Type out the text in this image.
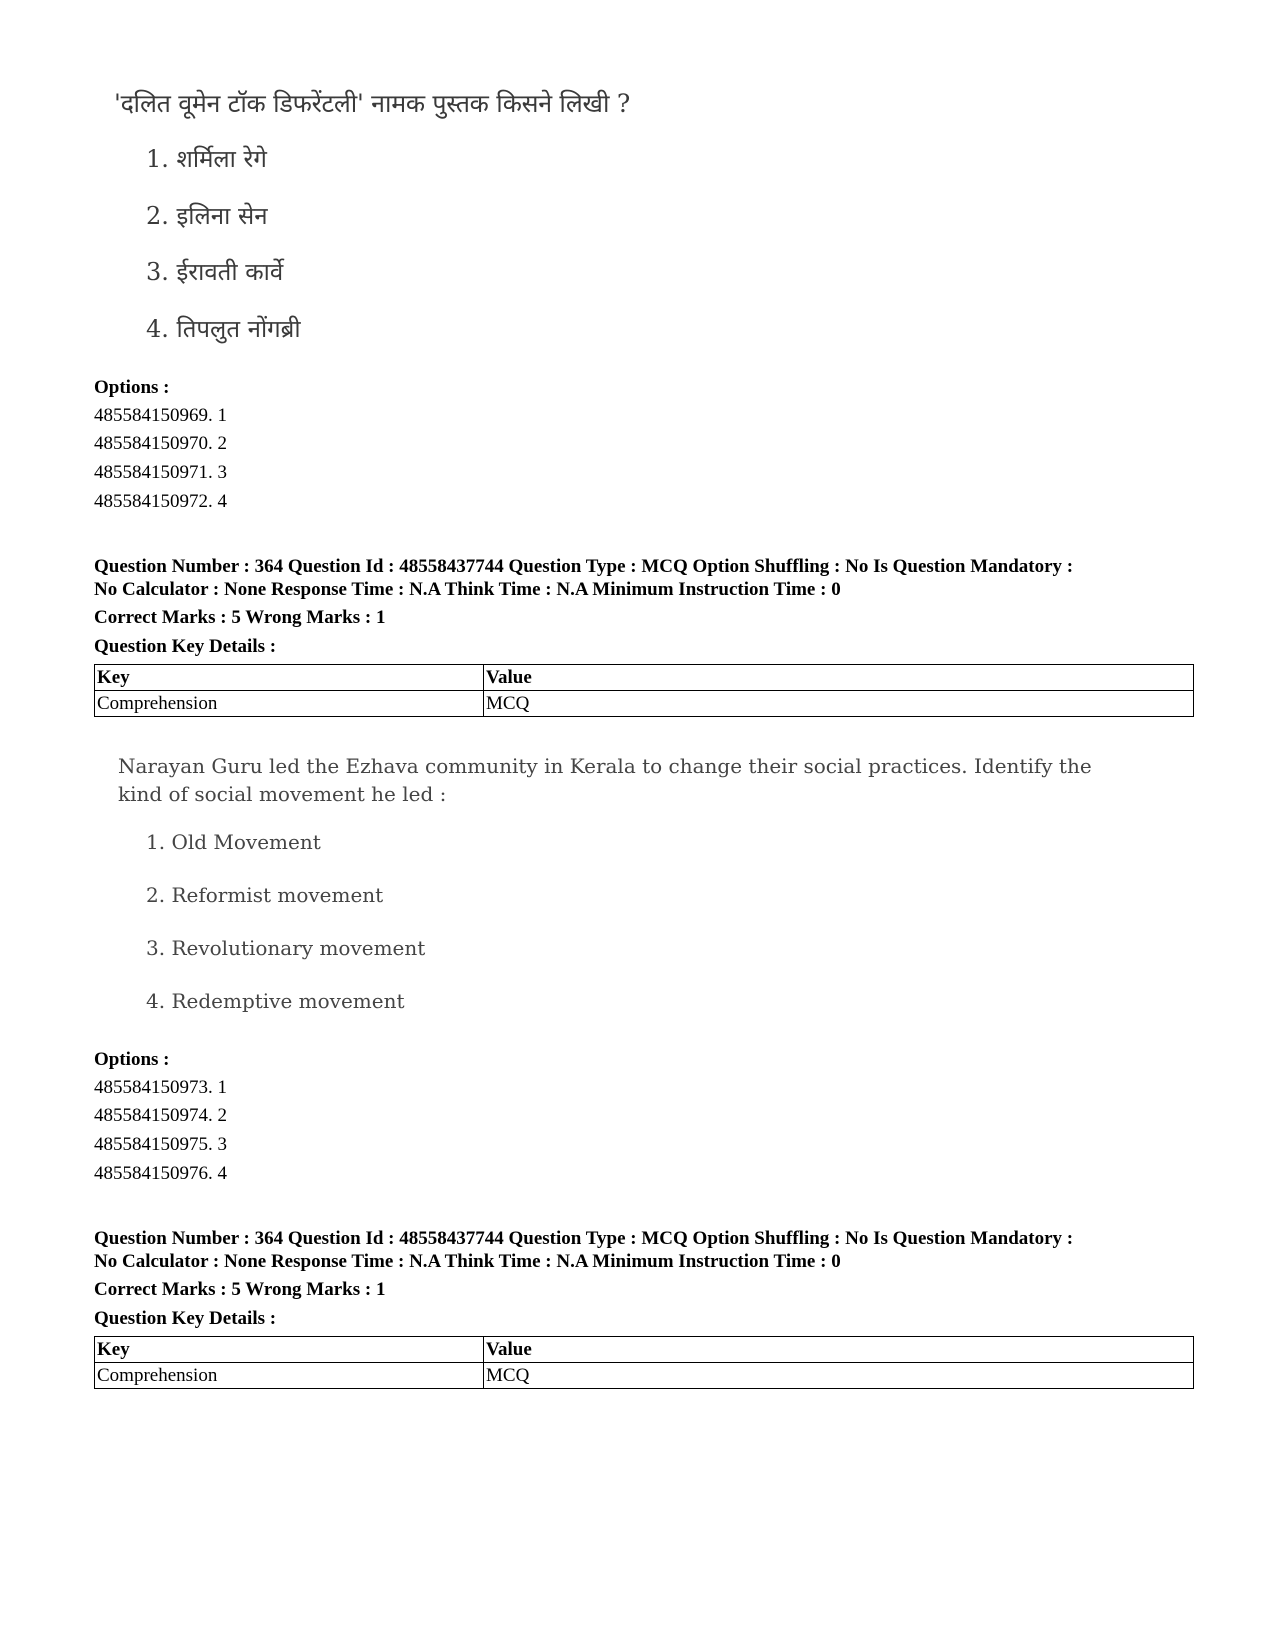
'दलित वूमेन टॉक डिफरेंटली' नामक पुस्तक किसने लिखी ?
1. शर्मिला रेगे
2. इलिना सेन
3. ईरावती कार्वे
4. तिपलुत नोंगब्री
Options :
485584150969. 1
485584150970. 2
485584150971. 3
485584150972. 4
Question Number : 364 Question Id : 48558437744 Question Type : MCQ Option Shuffling : No Is Question Mandatory :
No Calculator : None Response Time : N.A Think Time : N.A Minimum Instruction Time : 0
Correct Marks : 5 Wrong Marks : 1
Question Key Details :
Key	Value
Comprehension	MCQ
Narayan Guru led the Ezhava community in Kerala to change their social practices. Identify the kind of social movement he led :
1. Old Movement
2. Reformist movement
3. Revolutionary movement
4. Redemptive movement
Options :
485584150973. 1
485584150974. 2
485584150975. 3
485584150976. 4
Question Number : 364 Question Id : 48558437744 Question Type : MCQ Option Shuffling : No Is Question Mandatory :
No Calculator : None Response Time : N.A Think Time : N.A Minimum Instruction Time : 0
Correct Marks : 5 Wrong Marks : 1
Question Key Details :
Key	Value
Comprehension	MCQ
